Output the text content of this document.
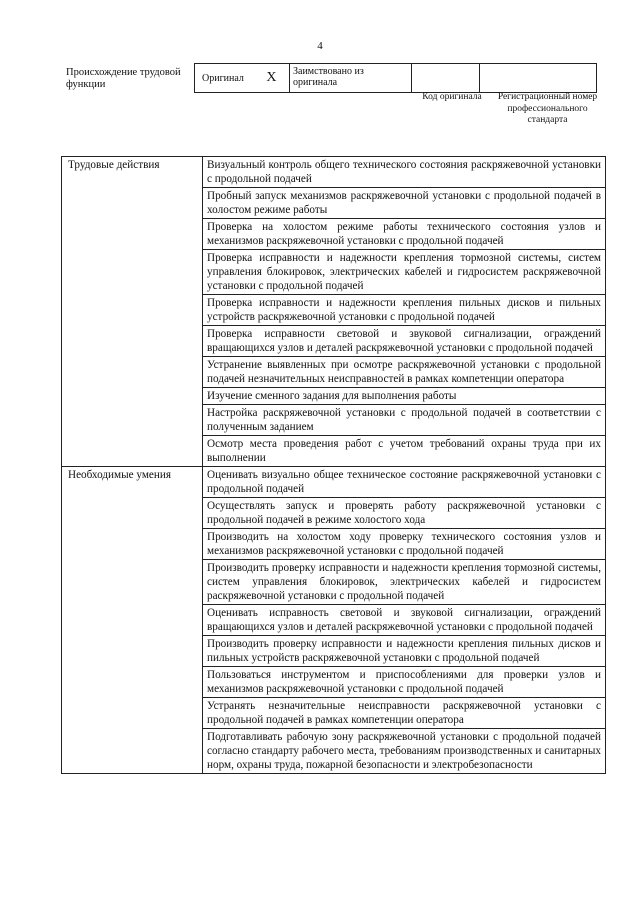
4
Происхождение трудовой функции
Оригинал X	Заимствовано из оригинала		
Код оригинала	Регистрационный номер профессионального стандарта
Трудовые действия	Визуальный контроль общего технического состояния раскряжевочной установки с продольной подачей
	Пробный запуск механизмов раскряжевочной установки с продольной подачей в холостом режиме работы
	Проверка на холостом режиме работы технического состояния узлов и механизмов раскряжевочной установки с продольной подачей
	Проверка исправности и надежности крепления тормозной системы, систем управления блокировок, электрических кабелей и гидросистем раскряжевочной установки с продольной подачей
	Проверка исправности и надежности крепления пильных дисков и пильных устройств раскряжевочной установки с продольной подачей
	Проверка исправности световой и звуковой сигнализации, ограждений вращающихся узлов и деталей раскряжевочной установки с продольной подачей
	Устранение выявленных при осмотре раскряжевочной установки с продольной подачей незначительных неисправностей в рамках компетенции оператора
	Изучение сменного задания для выполнения работы
	Настройка раскряжевочной установки с продольной подачей в соответствии с полученным заданием
	Осмотр места проведения работ с учетом требований охраны труда при их выполнении
Необходимые умения	Оценивать визуально общее техническое состояние раскряжевочной установки с продольной подачей
	Осуществлять запуск и проверять работу раскряжевочной установки с продольной подачей в режиме холостого хода
	Производить на холостом ходу проверку технического состояния узлов и механизмов раскряжевочной установки с продольной подачей
	Производить проверку исправности и надежности крепления тормозной системы, систем управления блокировок, электрических кабелей и гидросистем раскряжевочной установки с продольной подачей
	Оценивать исправность световой и звуковой сигнализации, ограждений вращающихся узлов и деталей раскряжевочной установки с продольной подачей
	Производить проверку исправности и надежности крепления пильных дисков и пильных устройств раскряжевочной установки с продольной подачей
	Пользоваться инструментом и приспособлениями для проверки узлов и механизмов раскряжевочной установки с продольной подачей
	Устранять незначительные неисправности раскряжевочной установки с продольной подачей в рамках компетенции оператора
	Подготавливать рабочую зону раскряжевочной установки с продольной подачей согласно стандарту рабочего места, требованиям производственных и санитарных норм, охраны труда, пожарной безопасности и электробезопасности
